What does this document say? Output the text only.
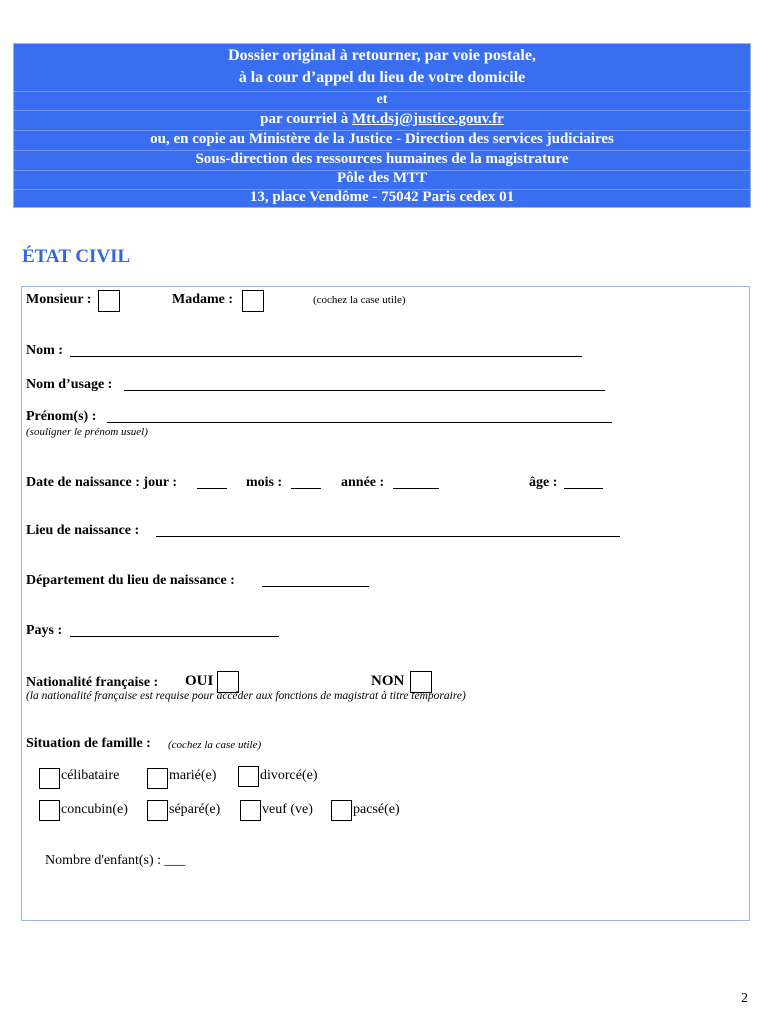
Dossier original à retourner, par voie postale,
à la cour d’appel du lieu de votre domicile
et
par courriel à Mtt.dsj@justice.gouv.fr
ou, en copie au Ministère de la Justice - Direction des services judiciaires
Sous-direction des ressources humaines de la magistrature
Pôle des MTT
13, place Vendôme - 75042 Paris cedex 01
ÉTAT CIVIL
Monsieur :	Madame :	(cochez la case utile)
Nom :
Nom d’usage :
Prénom(s) :
(souligner le prénom usuel)
Date de naissance : jour :	mois :	année :	âge :
Lieu de naissance :
Département du lieu de naissance :
Pays :
Nationalité française : OUI	NON
(la nationalité française est requise pour accéder aux fonctions de magistrat à titre temporaire)
Situation de famille : (cochez la case utile)
célibataire	marié(e)	divorcé(e)
concubin(e)	séparé(e)	veuf (ve)	pacsé(e)
Nombre d'enfant(s) : ___
2
